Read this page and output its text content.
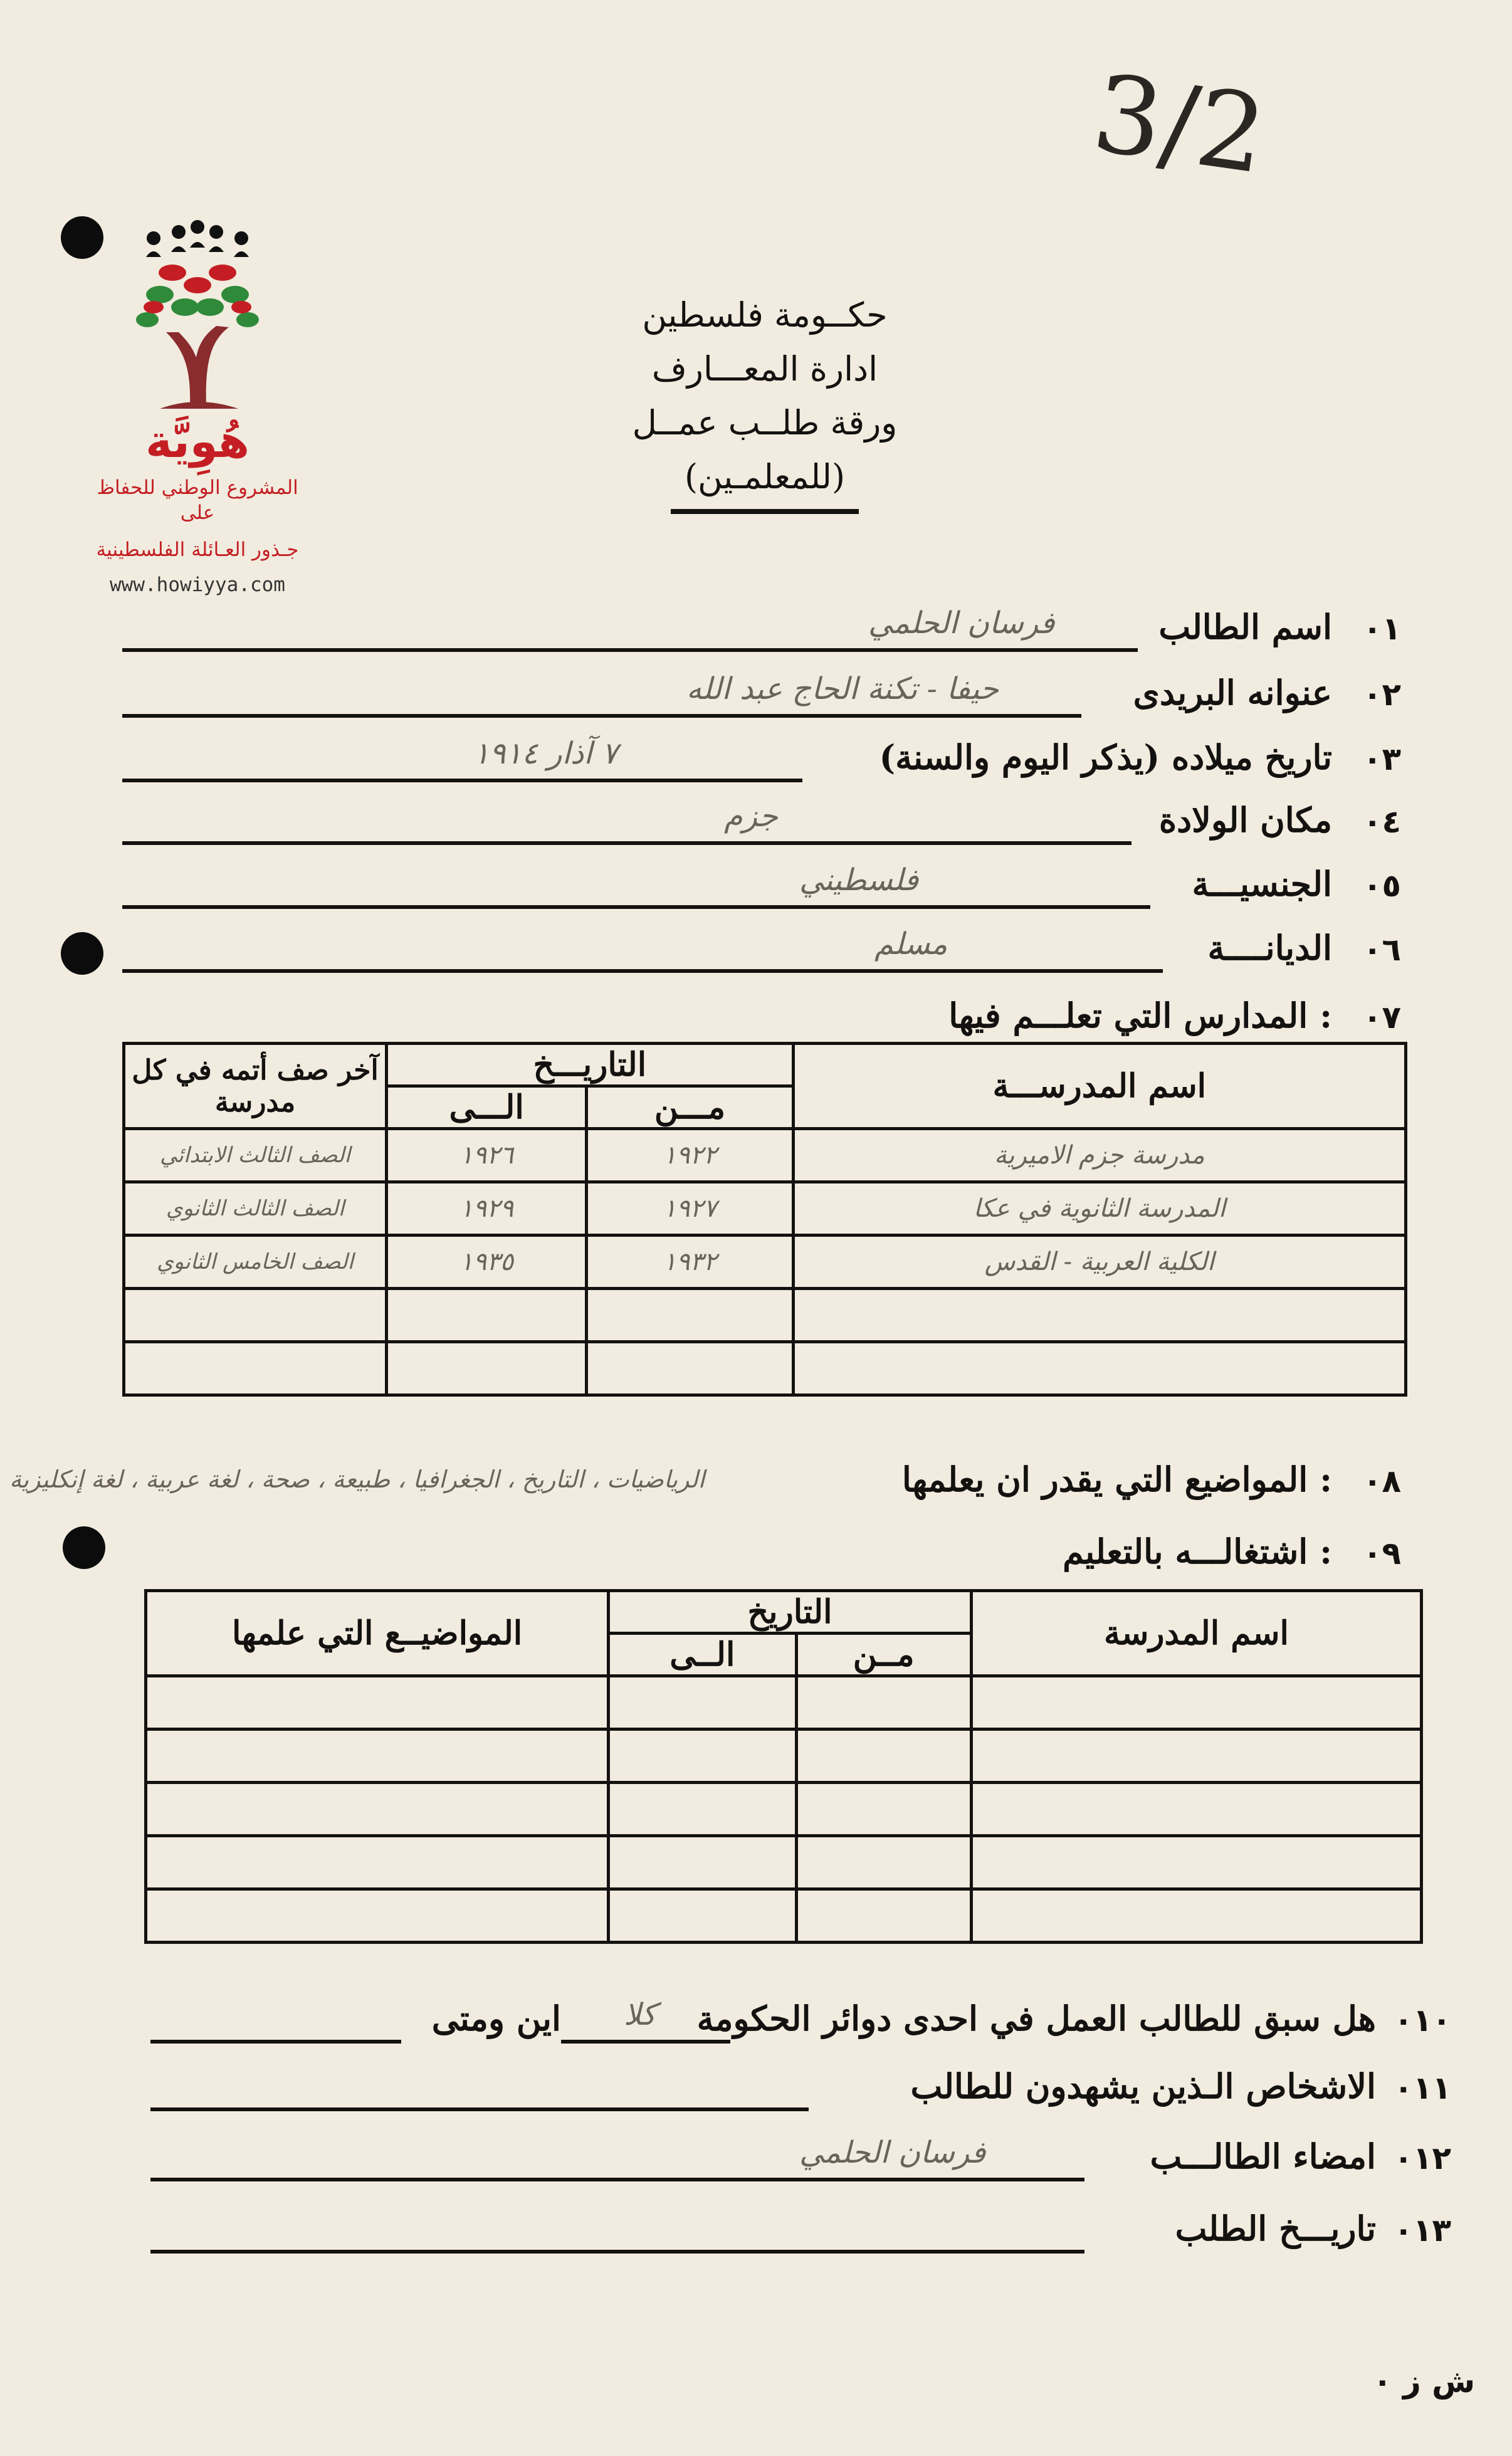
3/2
هُوِيَّة
المشروع الوطني للحفاظ على
جـذور العـائلة الفلسطينية
www.howiyya.com
حكــومة فلسطين
ادارة المعـــارف
ورقة طلــب عمــل
(للمعلمـين)
٠١
اسم الطالب
فرسان الحلمي
٠٢
عنوانه البريدى
حيفا - تكنة الحاج عبد الله
٠٣
تاريخ ميلاده (يذكر اليوم والسنة)
٧ آذار ١٩١٤
٠٤
مكان الولادة
جزم
٠٥
الجنسيـــة
فلسطيني
٠٦
الديانــــة
مسلم
٠٧
المدارس التي تعلـــم فيها :
اسم المدرســـة	التاريـــخ		آخر صف أتمه في كل مدرسة
	مـــن	الـــى	
مدرسة جزم الاميرية	١٩٢٢	١٩٢٦	الصف الثالث الابتدائي
المدرسة الثانوية في عكا	١٩٢٧	١٩٢٩	الصف الثالث الثانوي
الكلية العربية - القدس	١٩٣٢	١٩٣٥	الصف الخامس الثانوي

٠٨
المواضيع التي يقدر ان يعلمها :
الرياضيات ، التاريخ ، الجغرافيا ، طبيعة ، صحة ، لغة عربية ، لغة إنكليزية
٠٩
اشتغالـــه بالتعليم :
اسم المدرسة	التاريخ		المواضيــع التي علمها
	مــن	الــى	

٠١٠
هل سبق للطالب العمل في احدى دوائر الحكومة
كلا
اين ومتى
٠١١
الاشخاص الـذين يشهدون للطالب
٠١٢
امضاء الطالـــب
فرسان الحلمي
٠١٣
تاريـــخ الطلب
ش ز ٠
